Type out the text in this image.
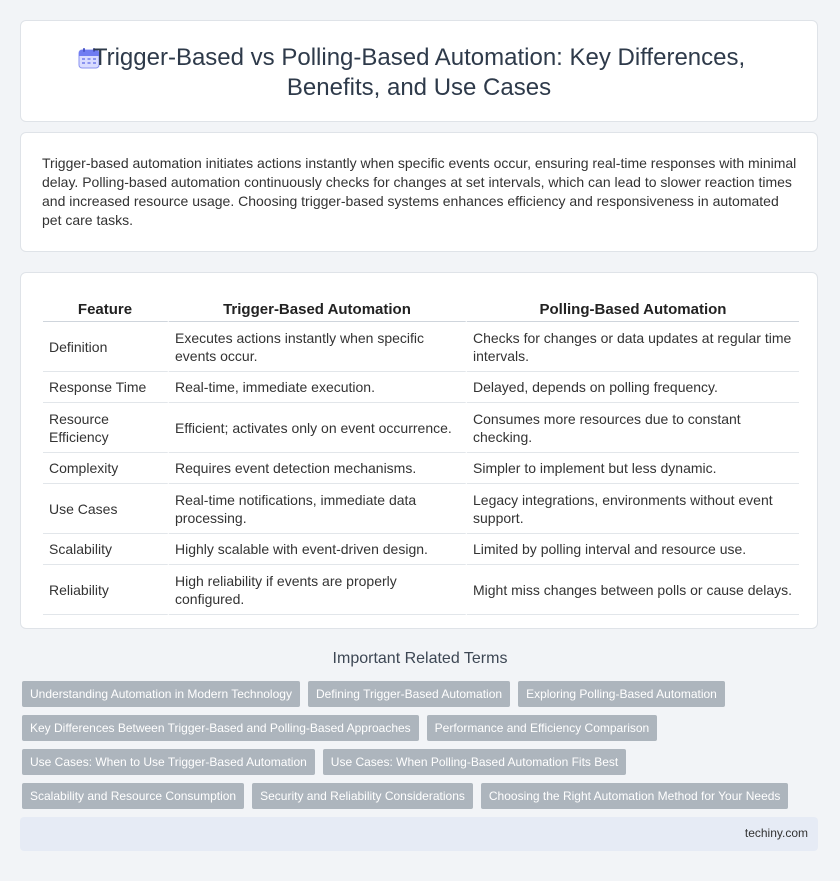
Trigger-Based vs Polling-Based Automation: Key Differences,
Benefits, and Use Cases
Trigger-based automation initiates actions instantly when specific events occur, ensuring real-time responses with minimal delay. Polling-based automation continuously checks for changes at set intervals, which can lead to slower reaction times and increased resource usage. Choosing trigger-based systems enhances efficiency and responsiveness in automated pet care tasks.
Feature	Trigger-Based Automation	Polling-Based Automation
Definition	Executes actions instantly when specific events occur.	Checks for changes or data updates at regular time intervals.
Response Time	Real-time, immediate execution.	Delayed, depends on polling frequency.
Resource Efficiency	Efficient; activates only on event occurrence.	Consumes more resources due to constant checking.
Complexity	Requires event detection mechanisms.	Simpler to implement but less dynamic.
Use Cases	Real-time notifications, immediate data processing.	Legacy integrations, environments without event support.
Scalability	Highly scalable with event-driven design.	Limited by polling interval and resource use.
Reliability	High reliability if events are properly configured.	Might miss changes between polls or cause delays.
Important Related Terms
Understanding Automation in Modern Technology	Defining Trigger-Based Automation	Exploring Polling-Based Automation
Key Differences Between Trigger-Based and Polling-Based Approaches	Performance and Efficiency Comparison
Use Cases: When to Use Trigger-Based Automation	Use Cases: When Polling-Based Automation Fits Best
Scalability and Resource Consumption	Security and Reliability Considerations	Choosing the Right Automation Method for Your Needs
techiny.com
